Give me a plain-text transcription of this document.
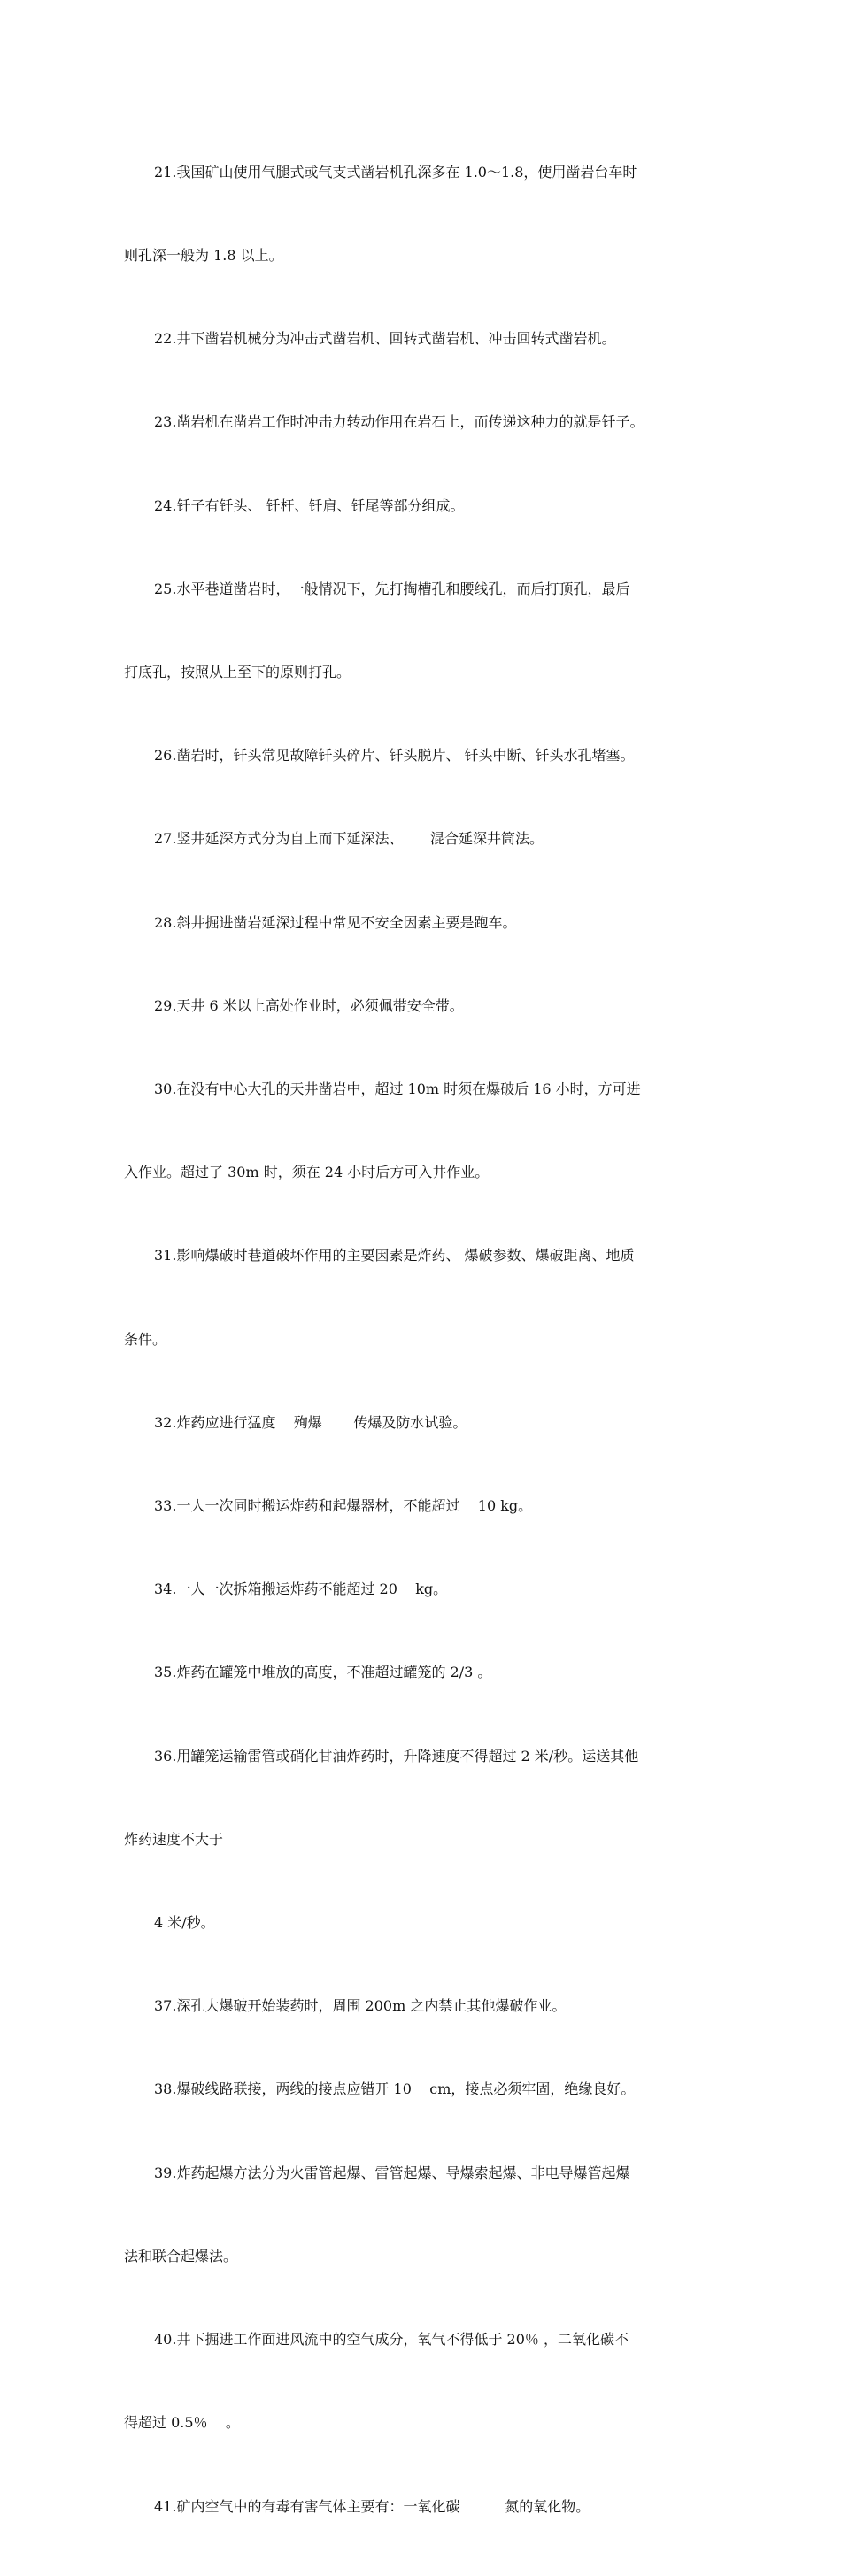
21.我国矿山使用气腿式或气支式凿岩机孔深多在 1.0～1.8，使用凿岩台车时

则孔深一般为 1.8 以上。

22.井下凿岩机械分为冲击式凿岩机、回转式凿岩机、冲击回转式凿岩机。

23.凿岩机在凿岩工作时冲击力转动作用在岩石上，而传递这种力的就是钎子。

24.钎子有钎头、 钎杆、钎肩、钎尾等部分组成。

25.水平巷道凿岩时，一般情况下，先打掏槽孔和腰线孔，而后打顶孔，最后

打底孔，按照从上至下的原则打孔。

26.凿岩时，钎头常见故障钎头碎片、钎头脱片、 钎头中断、钎头水孔堵塞。

27.竖井延深方式分为自上而下延深法、      混合延深井筒法。

28.斜井掘进凿岩延深过程中常见不安全因素主要是跑车。

29.天井 6 米以上高处作业时，必须佩带安全带。

30.在没有中心大孔的天井凿岩中，超过 10m 时须在爆破后 16 小时，方可进

入作业。超过了 30m 时，须在 24 小时后方可入井作业。

31.影响爆破时巷道破坏作用的主要因素是炸药、 爆破参数、爆破距离、地质

条件。

32.炸药应进行猛度    殉爆       传爆及防水试验。

33.一人一次同时搬运炸药和起爆器材，不能超过    10 kg。

34.一人一次拆箱搬运炸药不能超过 20    kg。

35.炸药在罐笼中堆放的高度，不准超过罐笼的 2/3 。

36.用罐笼运输雷管或硝化甘油炸药时，升降速度不得超过 2 米/秒。运送其他

炸药速度不大于

4 米/秒。

37.深孔大爆破开始装药时，周围 200m 之内禁止其他爆破作业。

38.爆破线路联接，两线的接点应错开 10    cm，接点必须牢固，绝缘良好。

39.炸药起爆方法分为火雷管起爆、雷管起爆、导爆索起爆、非电导爆管起爆

法和联合起爆法。

40.井下掘进工作面进风流中的空气成分，氧气不得低于 20％ ，二氧化碳不

得超过 0.5％    。

41.矿内空气中的有毒有害气体主要有：一氧化碳          氮的氧化物。
